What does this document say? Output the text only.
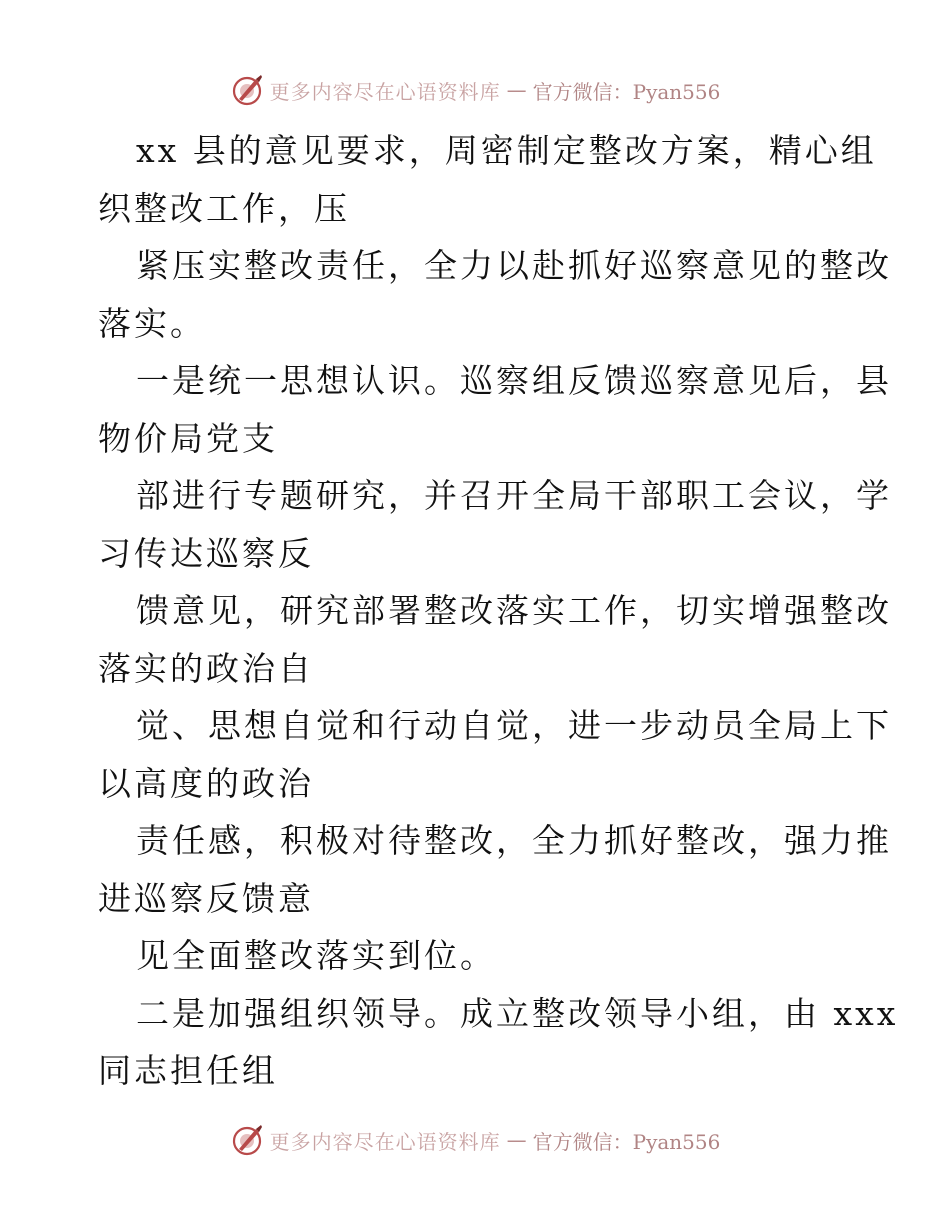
更多内容尽在心语资料库 — 官方微信：Pyan556
xx 县的意见要求，周密制定整改方案，精心组
织整改工作，压
紧压实整改责任，全力以赴抓好巡察意见的整改
落实。
一是统一思想认识。巡察组反馈巡察意见后，县
物价局党支
部进行专题研究，并召开全局干部职工会议，学
习传达巡察反
馈意见，研究部署整改落实工作，切实增强整改
落实的政治自
觉、思想自觉和行动自觉，进一步动员全局上下
以高度的政治
责任感，积极对待整改，全力抓好整改，强力推
进巡察反馈意
见全面整改落实到位。
二是加强组织领导。成立整改领导小组，由 xxx
同志担任组
更多内容尽在心语资料库 — 官方微信：Pyan556
